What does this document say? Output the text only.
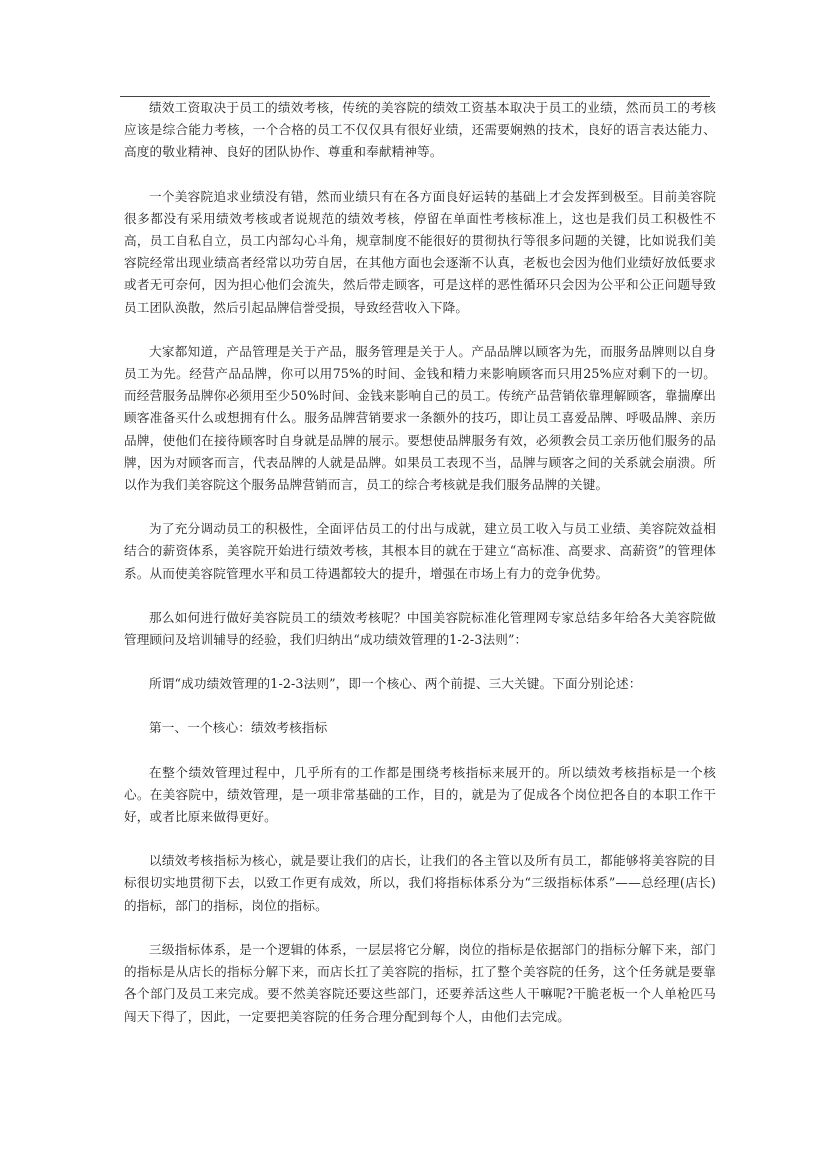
绩效工资取决于员工的绩效考核，传统的美容院的绩效工资基本取决于员工的业绩，然而员工的考核应该是综合能力考核，一个合格的员工不仅仅具有很好业绩，还需要娴熟的技术，良好的语言表达能力、高度的敬业精神、良好的团队协作、尊重和奉献精神等。

一个美容院追求业绩没有错，然而业绩只有在各方面良好运转的基础上才会发挥到极至。目前美容院很多都没有采用绩效考核或者说规范的绩效考核，停留在单面性考核标准上，这也是我们员工积极性不高，员工自私自立，员工内部勾心斗角，规章制度不能很好的贯彻执行等很多问题的关键，比如说我们美容院经常出现业绩高者经常以功劳自居，在其他方面也会逐渐不认真，老板也会因为他们业绩好放低要求或者无可奈何，因为担心他们会流失，然后带走顾客，可是这样的恶性循环只会因为公平和公正问题导致员工团队涣散，然后引起品牌信誉受损，导致经营收入下降。

大家都知道，产品管理是关于产品，服务管理是关于人。产品品牌以顾客为先，而服务品牌则以自身员工为先。经营产品品牌，你可以用75%的时间、金钱和精力来影响顾客而只用25%应对剩下的一切。而经营服务品牌你必须用至少50%时间、金钱来影响自己的员工。传统产品营销依靠理解顾客，靠揣摩出顾客准备买什么或想拥有什么。服务品牌营销要求一条额外的技巧，即让员工喜爱品牌、呼吸品牌、亲历品牌，使他们在接待顾客时自身就是品牌的展示。要想使品牌服务有效，必须教会员工亲历他们服务的品牌，因为对顾客而言，代表品牌的人就是品牌。如果员工表现不当，品牌与顾客之间的关系就会崩溃。所以作为我们美容院这个服务品牌营销而言，员工的综合考核就是我们服务品牌的关键。

为了充分调动员工的积极性，全面评估员工的付出与成就，建立员工收入与员工业绩、美容院效益相结合的薪资体系，美容院开始进行绩效考核，其根本目的就在于建立“高标准、高要求、高薪资”的管理体系。从而使美容院管理水平和员工待遇都较大的提升，增强在市场上有力的竞争优势。

那么如何进行做好美容院员工的绩效考核呢？中国美容院标准化管理网专家总结多年给各大美容院做管理顾问及培训辅导的经验，我们归纳出“成功绩效管理的1-2-3法则”：

所谓“成功绩效管理的1-2-3法则”，即一个核心、两个前提、三大关键。下面分别论述：

第一、一个核心：绩效考核指标

在整个绩效管理过程中，几乎所有的工作都是围绕考核指标来展开的。所以绩效考核指标是一个核心。在美容院中，绩效管理，是一项非常基础的工作，目的，就是为了促成各个岗位把各自的本职工作干好，或者比原来做得更好。

以绩效考核指标为核心，就是要让我们的店长，让我们的各主管以及所有员工，都能够将美容院的目标很切实地贯彻下去，以致工作更有成效，所以，我们将指标体系分为“三级指标体系”——总经理(店长)的指标，部门的指标，岗位的指标。

三级指标体系，是一个逻辑的体系，一层层将它分解，岗位的指标是依据部门的指标分解下来，部门的指标是从店长的指标分解下来，而店长扛了美容院的指标，扛了整个美容院的任务，这个任务就是要靠各个部门及员工来完成。要不然美容院还要这些部门，还要养活这些人干嘛呢?干脆老板一个人单枪匹马闯天下得了，因此，一定要把美容院的任务合理分配到每个人，由他们去完成。
